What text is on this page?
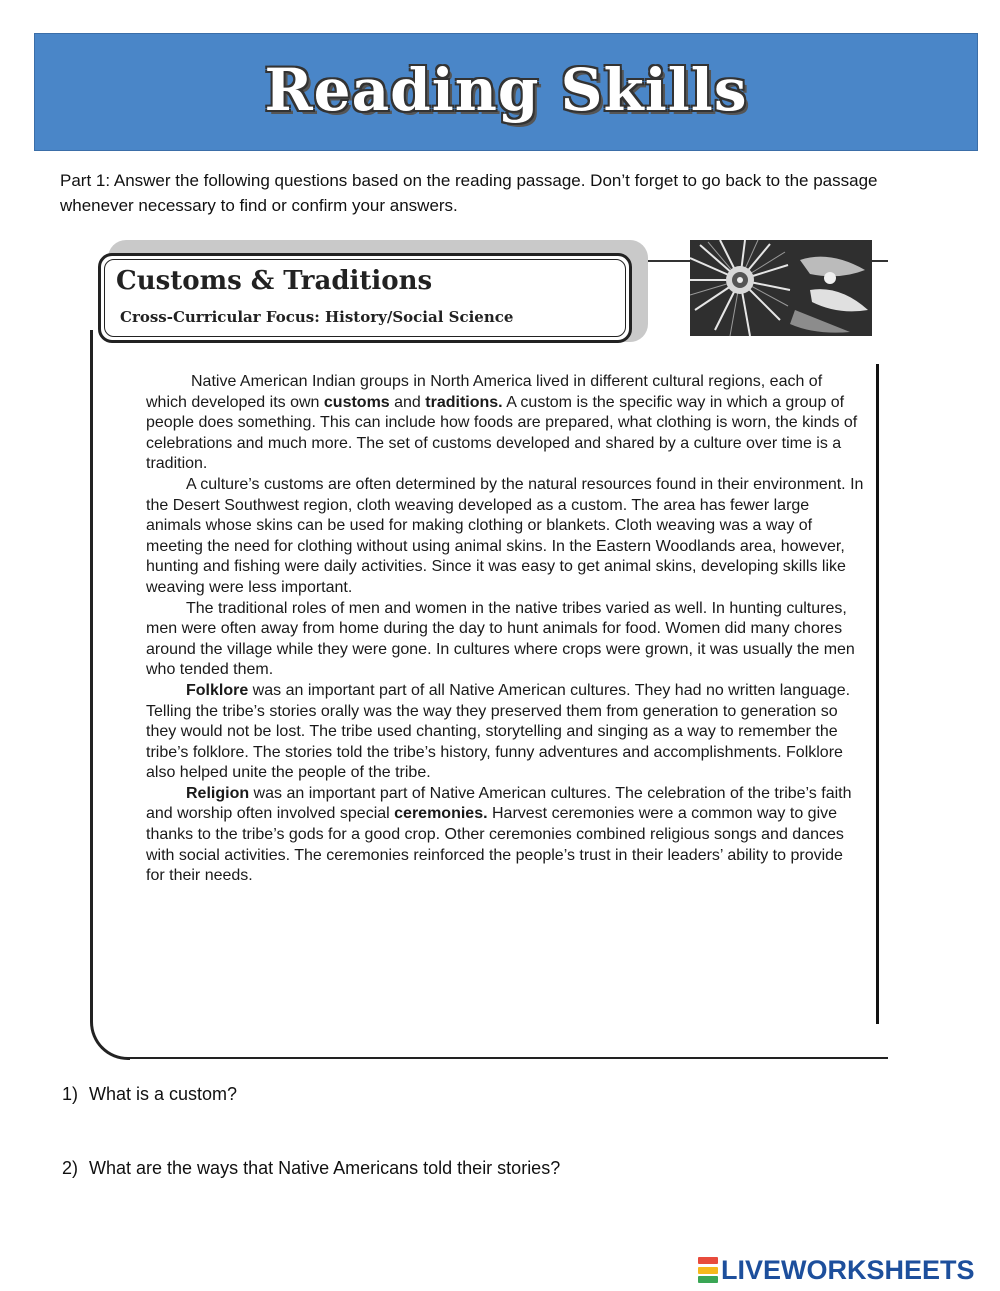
Reading Skills
Part 1: Answer the following questions based on the reading passage. Don’t forget to go back to the passage whenever necessary to find or confirm your answers.
Customs & Traditions
Cross-Curricular Focus: History/Social Science

Native American Indian groups in North America lived in different cultural regions, each of which developed its own customs and traditions. A custom is the specific way in which a group of people does something. This can include how foods are prepared, what clothing is worn, the kinds of celebrations and much more. The set of customs developed and shared by a culture over time is a tradition.

A culture’s customs are often determined by the natural resources found in their environment. In the Desert Southwest region, cloth weaving developed as a custom. The area has fewer large animals whose skins can be used for making clothing or blankets. Cloth weaving was a way of meeting the need for clothing without using animal skins. In the Eastern Woodlands area, however, hunting and fishing were daily activities. Since it was easy to get animal skins, developing skills like weaving were less important.

The traditional roles of men and women in the native tribes varied as well. In hunting cultures, men were often away from home during the day to hunt animals for food. Women did many chores around the village while they were gone. In cultures where crops were grown, it was usually the men who tended them.

Folklore was an important part of all Native American cultures. They had no written language. Telling the tribe’s stories orally was the way they preserved them from generation to generation so they would not be lost. The tribe used chanting, storytelling and singing as a way to remember the tribe’s folklore. The stories told the tribe’s history, funny adventures and accomplishments. Folklore also helped unite the people of the tribe.

Religion was an important part of Native American cultures. The celebration of the tribe’s faith and worship often involved special ceremonies. Harvest ceremonies were a common way to give thanks to the tribe’s gods for a good crop. Other ceremonies combined religious songs and dances with social activities. The ceremonies reinforced the people’s trust in their leaders’ ability to provide for their needs.

1) What is a custom?
2) What are the ways that Native Americans told their stories?
LIVEWORKSHEETS
